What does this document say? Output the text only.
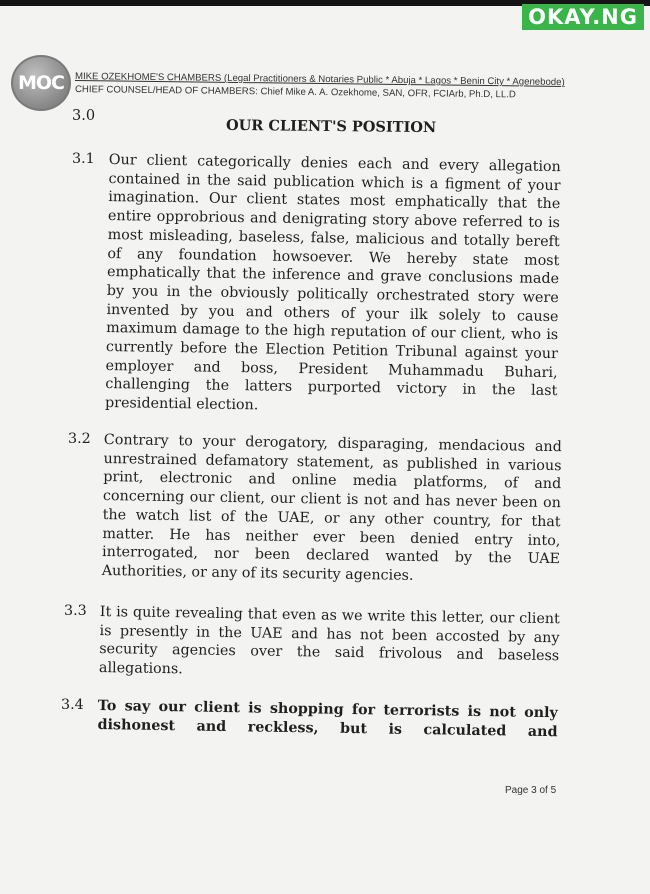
OKAY.NG
MOC MIKE OZEKHOME'S CHAMBERS (Legal Practitioners & Notaries Public * Abuja * Lagos * Benin City * Agenebode)
CHIEF COUNSEL/HEAD OF CHAMBERS: Chief Mike A. A. Ozekhome, SAN, OFR, FCIArb, Ph.D, LL.D
3.0
OUR CLIENT'S POSITION
3.1 Our client categorically denies each and every allegation contained in the said publication which is a figment of your imagination. Our client states most emphatically that the entire opprobrious and denigrating story above referred to is most misleading, baseless, false, malicious and totally bereft of any foundation howsoever. We hereby state most emphatically that the inference and grave conclusions made by you in the obviously politically orchestrated story were invented by you and others of your ilk solely to cause maximum damage to the high reputation of our client, who is currently before the Election Petition Tribunal against your employer and boss, President Muhammadu Buhari, challenging the latters purported victory in the last presidential election.
3.2 Contrary to your derogatory, disparaging, mendacious and unrestrained defamatory statement, as published in various print, electronic and online media platforms, of and concerning our client, our client is not and has never been on the watch list of the UAE, or any other country, for that matter. He has neither ever been denied entry into, interrogated, nor been declared wanted by the UAE Authorities, or any of its security agencies.
3.3 It is quite revealing that even as we write this letter, our client is presently in the UAE and has not been accosted by any security agencies over the said frivolous and baseless allegations.
3.4 To say our client is shopping for terrorists is not only dishonest and reckless, but is calculated and
Page 3 of 5
